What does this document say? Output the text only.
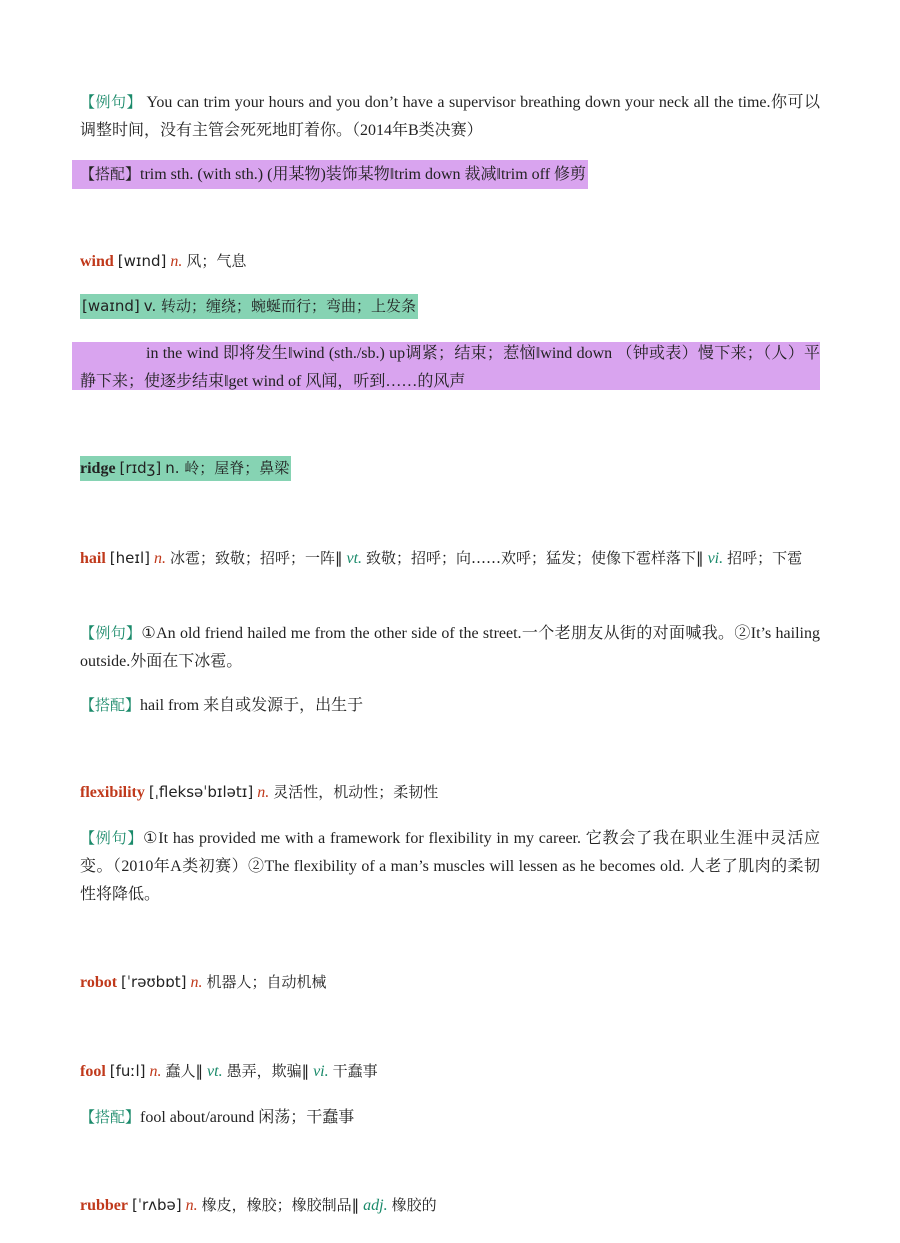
【例句】 You can trim your hours and you don’t have a supervisor breathing down your neck all the time.你可以调整时间，没有主管会死死地盯着你。（2014年B类决赛）
【搭配】trim sth. (with sth.) (用某物)装饰某物‖trim down 裁减‖trim off 修剪
wind [wɪnd] n. 风；气息
[waɪnd] v. 转动；缠绕；蜿蜒而行；弯曲；上发条
in the wind 即将发生‖wind (sth./sb.) up调紧；结束；惹恼‖wind down （钟或表）慢下来；（人）平静下来；使逐步结束‖get wind of 风闻，听到……的风声
ridge [rɪdʒ] n. 岭；屋脊；鼻梁
hail [heɪl] n. 冰雹；致敬；招呼；一阵‖ vt. 致敬；招呼；向……欢呼；猛发；使像下雹样落下‖ vi. 招呼；下雹
【例句】①An old friend hailed me from the other side of the street.一个老朋友从街的对面喊我。②It’s hailing outside.外面在下冰雹。
【搭配】hail from 来自或发源于，出生于
flexibility [ˌfleksəˈbɪlətɪ] n. 灵活性，机动性；柔韧性
【例句】①It has provided me with a framework for flexibility in my career. 它教会了我在职业生涯中灵活应变。（2010年A类初赛）②The flexibility of a man’s muscles will lessen as he becomes old. 人老了肌肉的柔韧性将降低。
robot [ˈrəʊbɒt] n. 机器人；自动机械
fool [fuːl] n. 蠢人‖ vt. 愚弄，欺骗‖ vi. 干蠢事
【搭配】fool about/around 闲荡；干蠢事
rubber [ˈrʌbə] n. 橡皮，橡胶；橡胶制品‖ adj. 橡胶的
